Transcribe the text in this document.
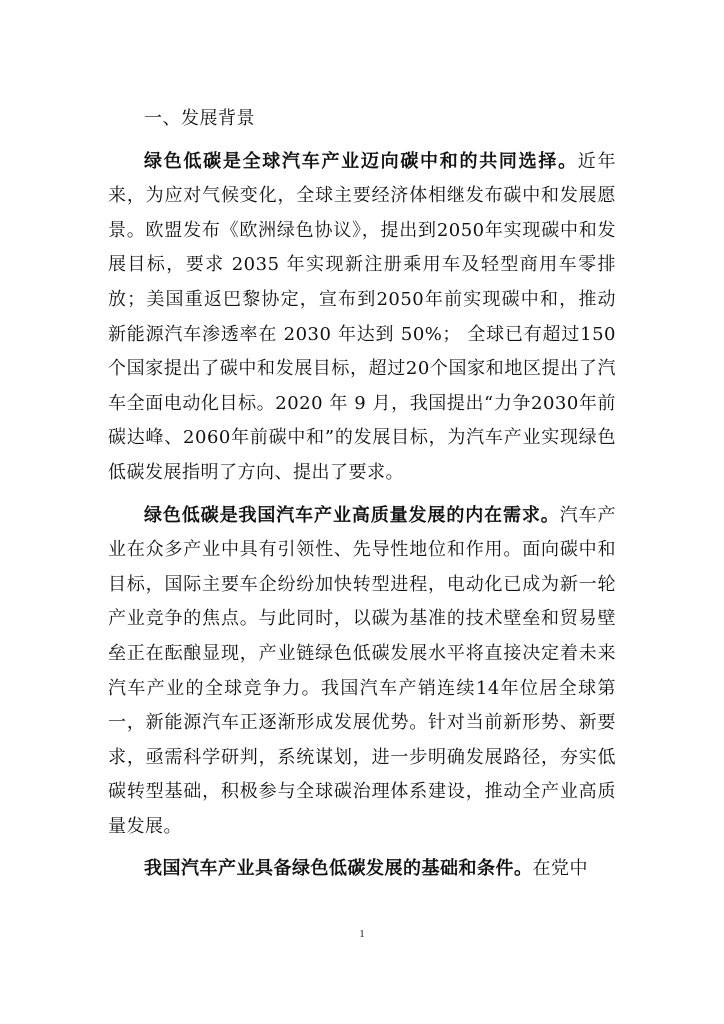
一、发展背景

绿色低碳是全球汽车产业迈向碳中和的共同选择。近年来，为应对气候变化，全球主要经济体相继发布碳中和发展愿景。欧盟发布《欧洲绿色协议》，提出到2050年实现碳中和发展目标，要求 2035 年实现新注册乘用车及轻型商用车零排放；美国重返巴黎协定，宣布到2050年前实现碳中和，推动新能源汽车渗透率在 2030 年达到 50%； 全球已有超过150个国家提出了碳中和发展目标，超过20个国家和地区提出了汽车全面电动化目标。2020 年 9 月，我国提出“力争2030年前碳达峰、2060年前碳中和”的发展目标，为汽车产业实现绿色低碳发展指明了方向、提出了要求。

绿色低碳是我国汽车产业高质量发展的内在需求。汽车产业在众多产业中具有引领性、先导性地位和作用。面向碳中和目标，国际主要车企纷纷加快转型进程，电动化已成为新一轮产业竞争的焦点。与此同时，以碳为基准的技术壁垒和贸易壁垒正在酝酿显现，产业链绿色低碳发展水平将直接决定着未来汽车产业的全球竞争力。我国汽车产销连续14年位居全球第一，新能源汽车正逐渐形成发展优势。针对当前新形势、新要求，亟需科学研判，系统谋划，进一步明确发展路径，夯实低碳转型基础，积极参与全球碳治理体系建设，推动全产业高质量发展。

我国汽车产业具备绿色低碳发展的基础和条件。在党中

1
